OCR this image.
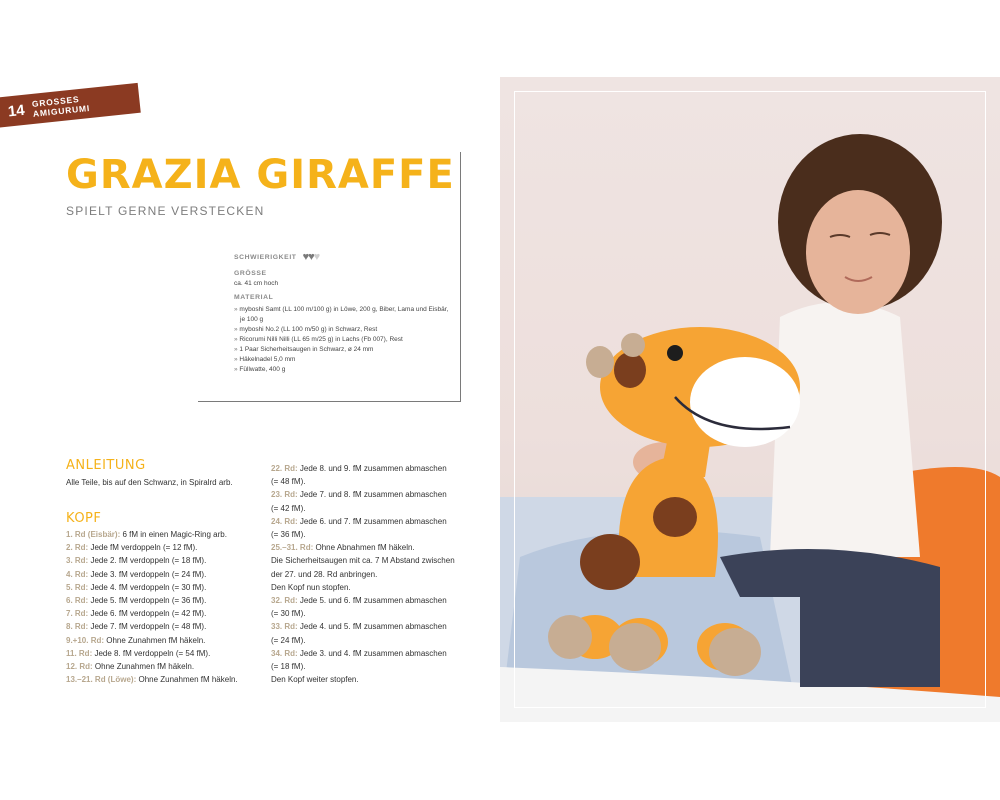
14 GROSSES AMIGURUMI
GRAZIA GIRAFFE
SPIELT GERNE VERSTECKEN
SCHWIERIGKEIT ♥♥♥
GRÖSSE
ca. 41 cm hoch
MATERIAL
» myboshi Samt (LL 100 m/100 g) in Löwe, 200 g, Biber, Lama und Eisbär, je 100 g
» myboshi No.2 (LL 100 m/50 g) in Schwarz, Rest
» Ricorumi Nilli Nilli (LL 65 m/25 g) in Lachs (Fb 007), Rest
» 1 Paar Sicherheitsaugen in Schwarz, ø 24 mm
» Häkelnadel 5,0 mm
» Füllwatte, 400 g
ANLEITUNG
Alle Teile, bis auf den Schwanz, in Spiralrd arb.
KOPF

1. Rd (Eisbär): 6 fM in einen Magic-Ring arb.

2. Rd: Jede fM verdoppeln (= 12 fM).

3. Rd: Jede 2. fM verdoppeln (= 18 fM).

4. Rd: Jede 3. fM verdoppeln (= 24 fM).

5. Rd: Jede 4. fM verdoppeln (= 30 fM).

6. Rd: Jede 5. fM verdoppeln (= 36 fM).

7. Rd: Jede 6. fM verdoppeln (= 42 fM).

8. Rd: Jede 7. fM verdoppeln (= 48 fM).

9.+10. Rd: Ohne Zunahmen fM häkeln.

11. Rd: Jede 8. fM verdoppeln (= 54 fM).

12. Rd: Ohne Zunahmen fM häkeln.

13.–21. Rd (Löwe): Ohne Zunahmen fM häkeln.

22. Rd: Jede 8. und 9. fM zusammen abmaschen

(= 48 fM).

23. Rd: Jede 7. und 8. fM zusammen abmaschen

(= 42 fM).

24. Rd: Jede 6. und 7. fM zusammen abmaschen

(= 36 fM).

25.–31. Rd: Ohne Abnahmen fM häkeln.

Die Sicherheitsaugen mit ca. 7 M Abstand zwischen

der 27. und 28. Rd anbringen.

Den Kopf nun stopfen.

32. Rd: Jede 5. und 6. fM zusammen abmaschen

(= 30 fM).

33. Rd: Jede 4. und 5. fM zusammen abmaschen

(= 24 fM).

34. Rd: Jede 3. und 4. fM zusammen abmaschen

(= 18 fM).

Den Kopf weiter stopfen.
